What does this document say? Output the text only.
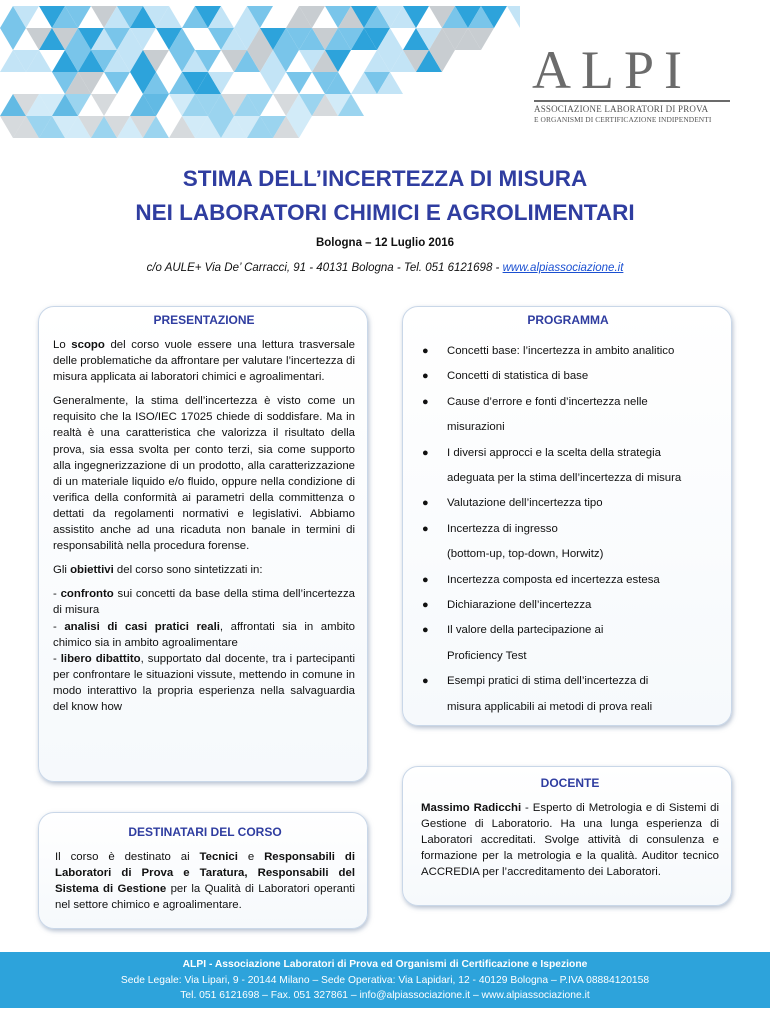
ALPI
ASSOCIAZIONE LABORATORI DI PROVA
E ORGANISMI DI CERTIFICAZIONE INDIPENDENTI
STIMA DELL’INCERTEZZA DI MISURA
NEI LABORATORI CHIMICI E AGROLIMENTARI
Bologna – 12 Luglio 2016
c/o AULE+ Via De’ Carracci, 91 - 40131 Bologna - Tel. 051 6121698 - www.alpiassociazione.it
PRESENTAZIONE

Lo scopo del corso vuole essere una lettura trasversale delle problematiche da affrontare per valutare l’incertezza di misura applicata ai laboratori chimici e agroalimentari.

Generalmente, la stima dell’incertezza è visto come un requisito che la ISO/IEC 17025 chiede di soddisfare. Ma in realtà è una caratteristica che valorizza il risultato della prova, sia essa svolta per conto terzi, sia come supporto alla ingegnerizzazione di un prodotto, alla caratterizzazione di un materiale liquido e/o fluido, oppure nella condizione di verifica della conformità ai parametri della committenza o dettati da regolamenti normativi e legislativi. Abbiamo assistito anche ad una ricaduta non banale in termini di responsabilità nella procedura forense.

Gli obiettivi del corso sono sintetizzati in:

- confronto sui concetti da base della stima dell’incertezza di misura
- analisi di casi pratici reali, affrontati sia in ambito chimico sia in ambito agroalimentare
- libero dibattito, supportato dal docente, tra i partecipanti per confrontare le situazioni vissute, mettendo in comune in modo interattivo la propria esperienza nella salvaguardia del know how

DESTINATARI DEL CORSO

Il corso è destinato ai Tecnici e Responsabili di Laboratori di Prova e Taratura, Responsabili del Sistema di Gestione per la Qualità di Laboratori operanti nel settore chimico e agroalimentare.

PROGRAMMA
● Concetti base: l’incertezza in ambito analitico
● Concetti di statistica di base
● Cause d’errore e fonti d’incertezza nelle
misurazioni
● I diversi approcci e la scelta della strategia
adeguata per la stima dell’incertezza di misura
● Valutazione dell’incertezza tipo
● Incertezza di ingresso
(bottom-up, top-down, Horwitz)
● Incertezza composta ed incertezza estesa
● Dichiarazione dell’incertezza
● Il valore della partecipazione ai
Proficiency Test
● Esempi pratici di stima dell’incertezza di
misura applicabili ai metodi di prova reali
DOCENTE

Massimo Radicchi - Esperto di Metrologia e di Sistemi di Gestione di Laboratorio. Ha una lunga esperienza di Laboratori accreditati. Svolge attività di consulenza e formazione per la metrologia e la qualità. Auditor tecnico ACCREDIA per l’accreditamento dei Laboratori.

ALPI - Associazione Laboratori di Prova ed Organismi di Certificazione e Ispezione
Sede Legale: Via Lipari, 9 - 20144 Milano – Sede Operativa: Via Lapidari, 12 - 40129 Bologna – P.IVA 08884120158
Tel. 051 6121698 – Fax. 051 327861 – info@alpiassociazione.it – www.alpiassociazione.it
